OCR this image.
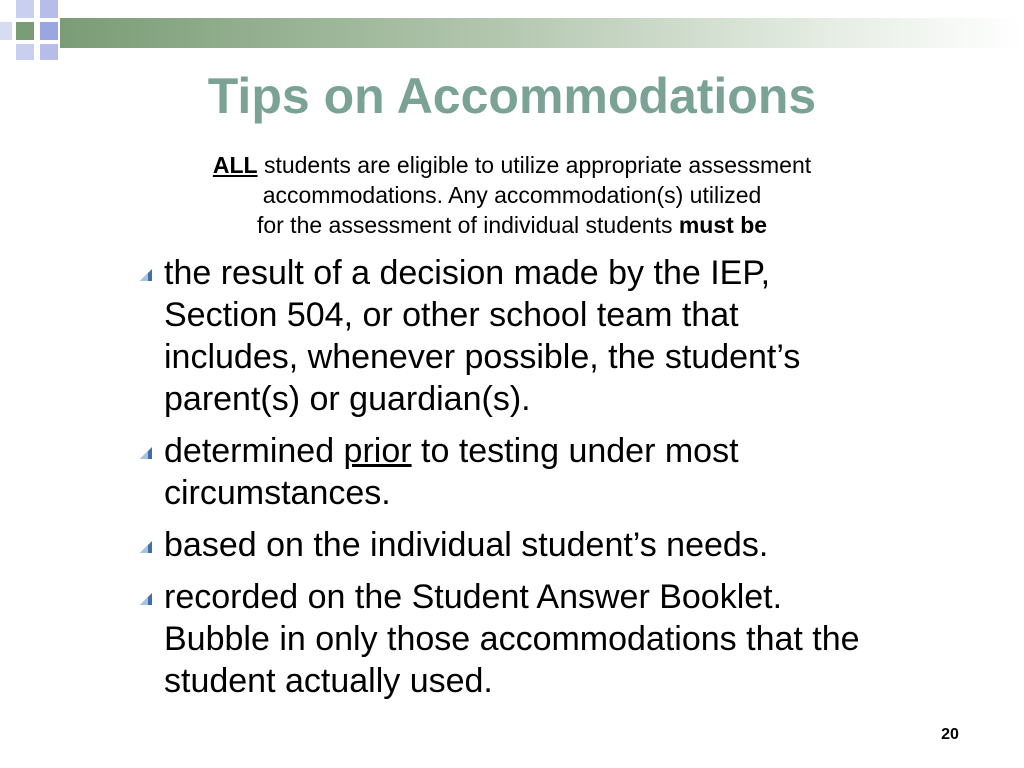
Tips on Accommodations

ALL students are eligible to utilize appropriate assessment
accommodations. Any accommodation(s) utilized
for the assessment of individual students must be

the result of a decision made by the IEP,
Section 504, or other school team that
includes, whenever possible, the student’s
parent(s) or guardian(s).
determined prior to testing under most
circumstances.
based on the individual student’s needs.
recorded on the Student Answer Booklet.
Bubble in only those accommodations that the
student actually used.
20
